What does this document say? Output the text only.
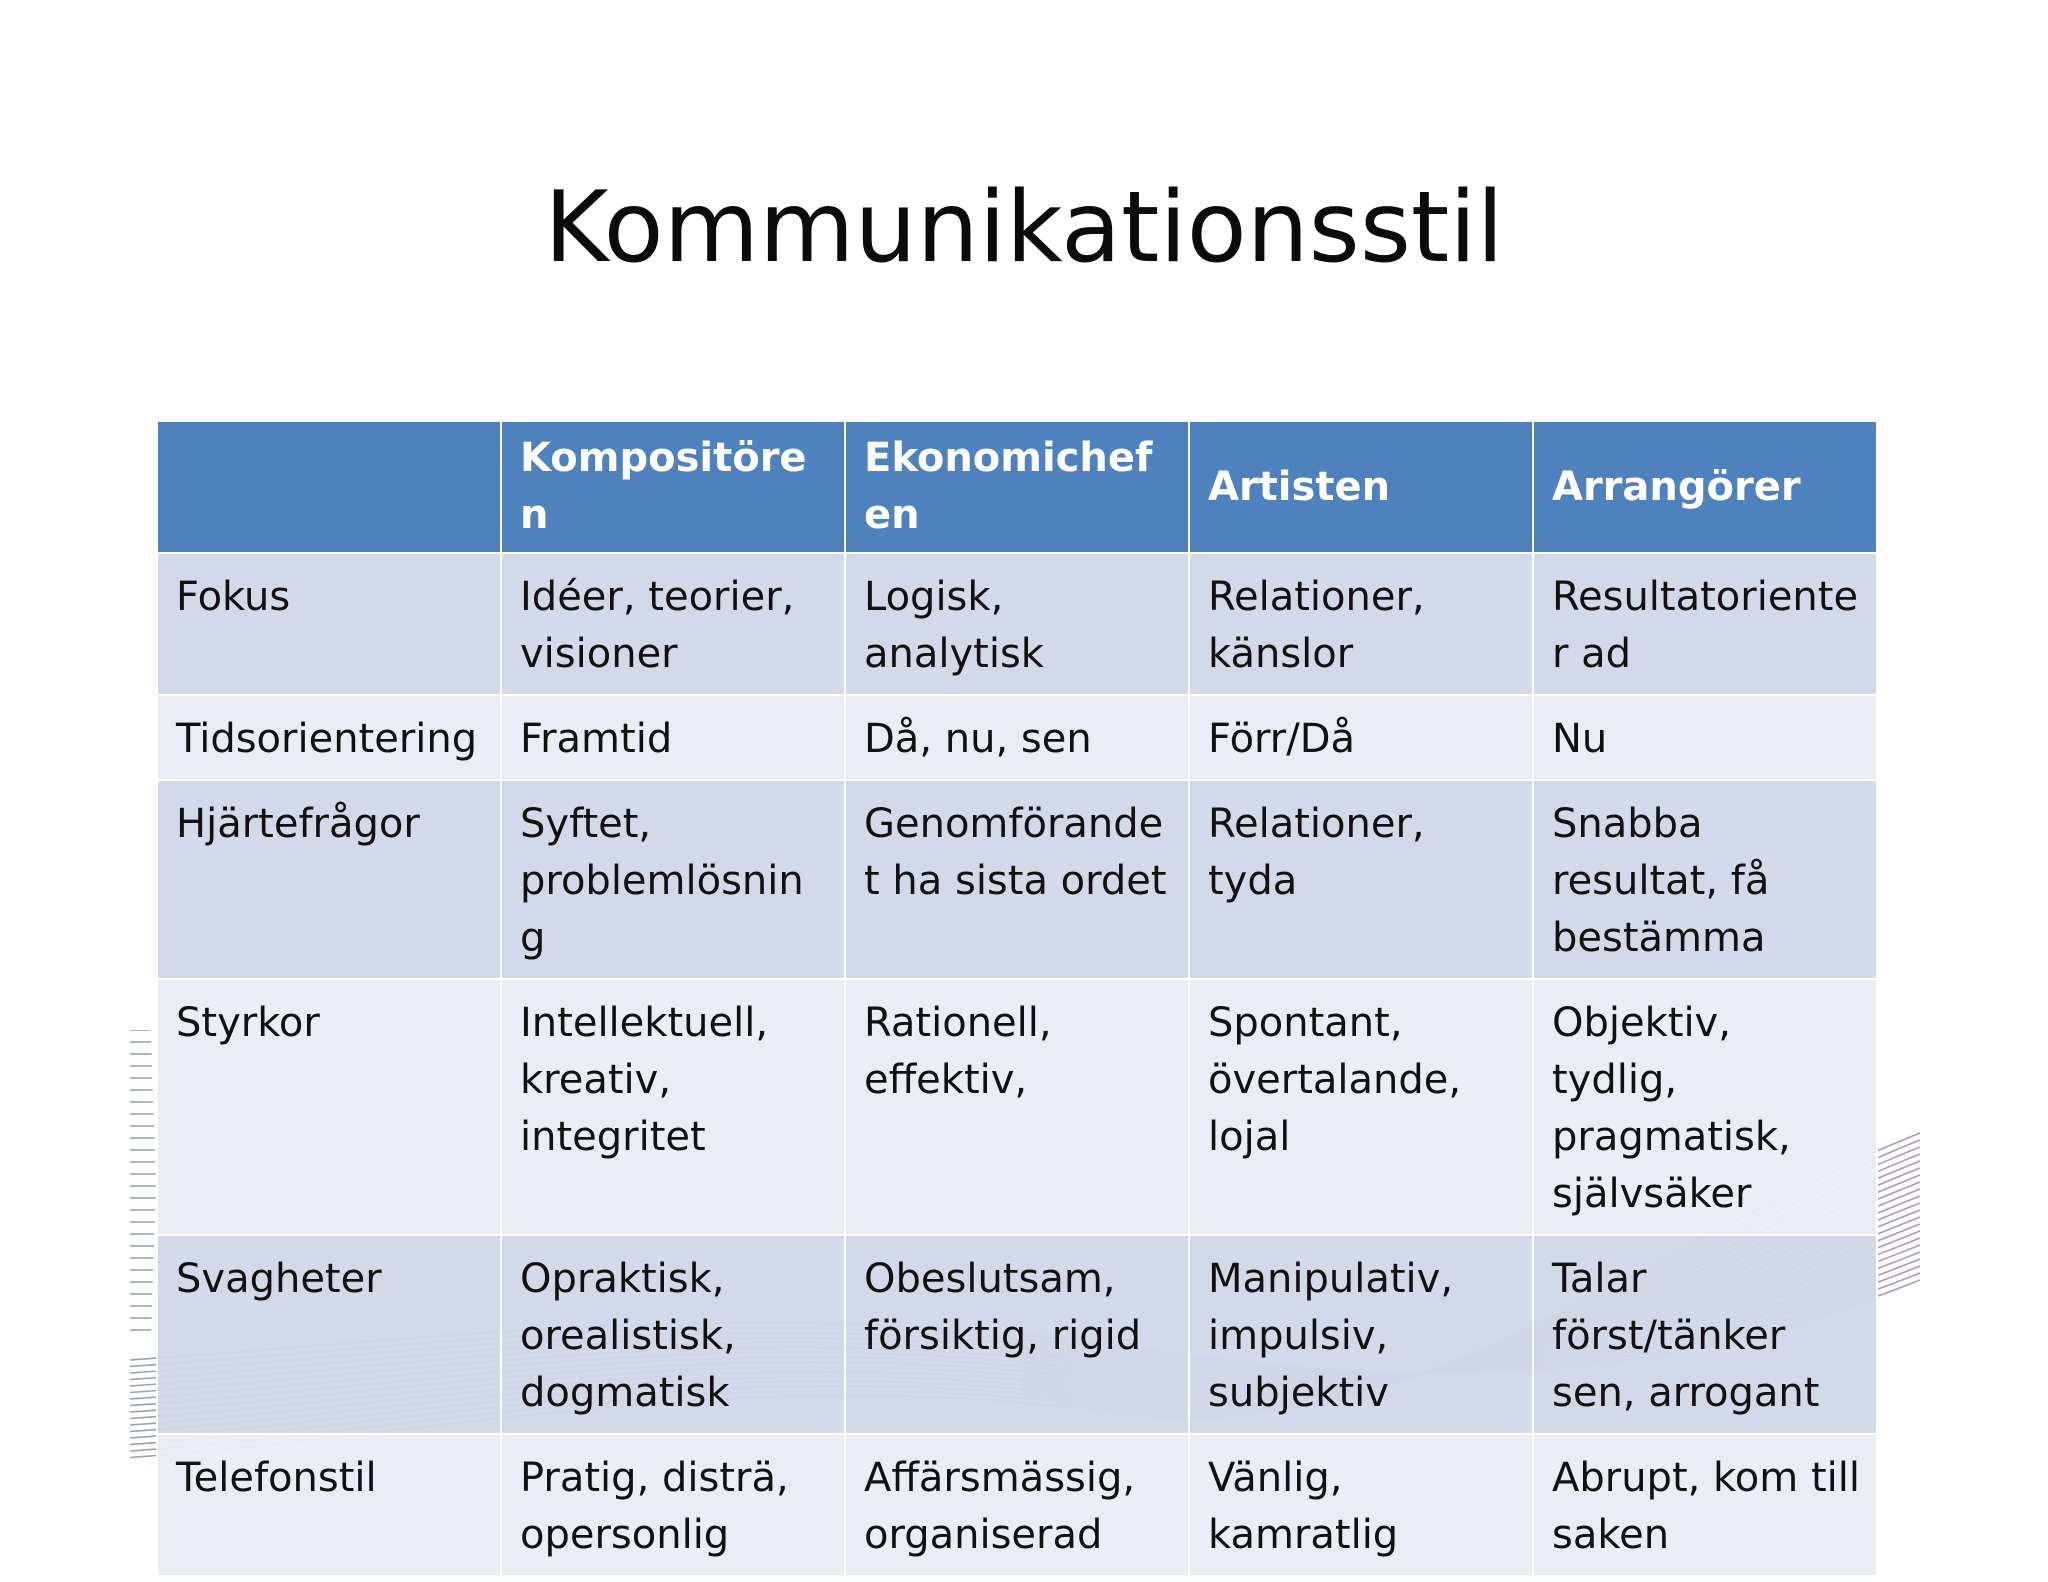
Kommunikationsstil
	Kompositören	Ekonomichefen	Artisten	Arrangörer
Fokus	Idéer, teorier, visioner	Logisk, analytisk	Relationer, känslor	Resultatorienter ad
Tidsorientering	Framtid	Då, nu, sen	Förr/Då	Nu
Hjärtefrågor	Syftet, problemlösning	Genomförandet ha sista ordet	Relationer, tyda	Snabba resultat, få bestämma
Styrkor	Intellektuell, kreativ, integritet	Rationell, effektiv,	Spontant, övertalande, lojal	Objektiv, tydlig, pragmatisk, självsäker
Svagheter	Opraktisk, orealistisk, dogmatisk	Obeslutsam, försiktig, rigid	Manipulativ, impulsiv, subjektiv	Talar först/tänker sen, arrogant
Telefonstil	Pratig, disträ, opersonlig	Affärsmässig, organiserad	Vänlig, kamratlig	Abrupt, kom till saken
